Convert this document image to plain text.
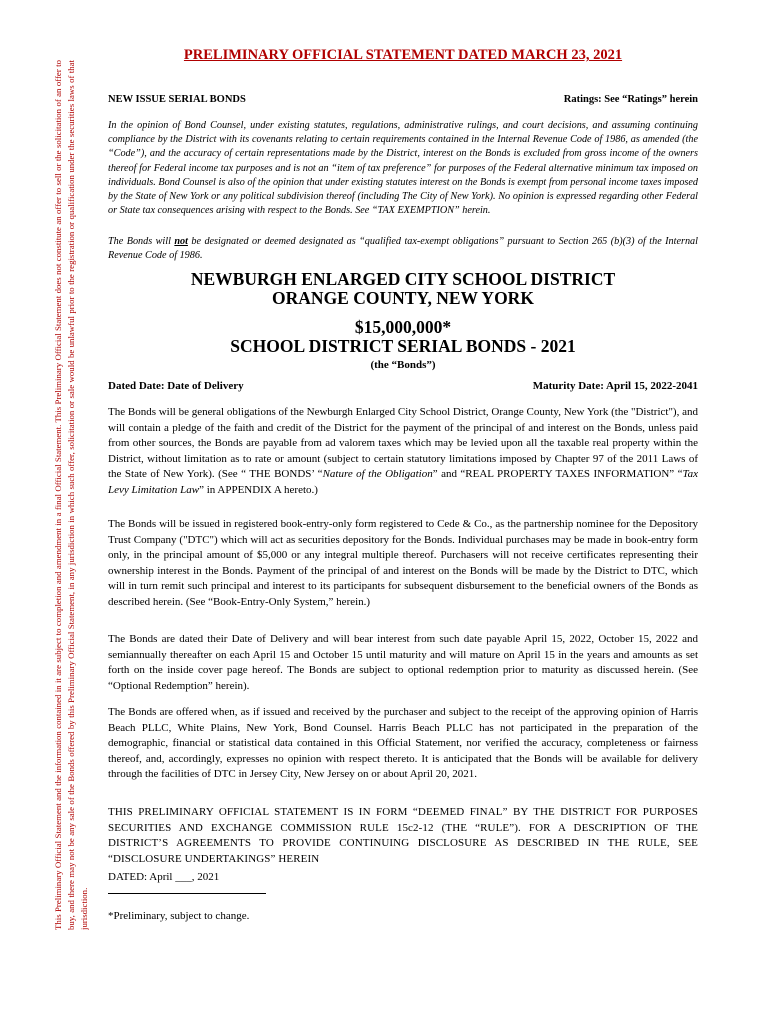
This Preliminary Official Statement and the information contained in it are subject to completion and amendment in a final Official Statement. This Preliminary Official Statement does not constitute an offer to sell or the solicitation of an offer to buy, and there may not be any sale of the Bonds offered by this Preliminary Official Statement, in any jurisdiction in which such offer, solicitation or sale would be unlawful prior to the registration or qualification under the securities laws of that jurisdiction.
PRELIMINARY OFFICIAL STATEMENT DATED MARCH 23, 2021
NEW ISSUE SERIAL BONDS	Ratings: See “Ratings” herein

In the opinion of Bond Counsel, under existing statutes, regulations, administrative rulings, and court decisions, and assuming continuing compliance by the District with its covenants relating to certain requirements contained in the Internal Revenue Code of 1986, as amended (the “Code”), and the accuracy of certain representations made by the District, interest on the Bonds is excluded from gross income of the owners thereof for Federal income tax purposes and is not an “item of tax preference” for purposes of the Federal alternative minimum tax imposed on individuals. Bond Counsel is also of the opinion that under existing statutes interest on the Bonds is exempt from personal income taxes imposed by the State of New York or any political subdivision thereof (including The City of New York). No opinion is expressed regarding other Federal or State tax consequences arising with respect to the Bonds. See “TAX EXEMPTION” herein.

The Bonds will not be designated or deemed designated as “qualified tax-exempt obligations” pursuant to Section 265 (b)(3) of the Internal Revenue Code of 1986.

NEWBURGH ENLARGED CITY SCHOOL DISTRICT

ORANGE COUNTY, NEW YORK

$15,000,000*

SCHOOL DISTRICT SERIAL BONDS - 2021

(the “Bonds”)

Dated Date: Date of Delivery	Maturity Date: April 15, 2022-2041

The Bonds will be general obligations of the Newburgh Enlarged City School District, Orange County, New York (the "District"), and will contain a pledge of the faith and credit of the District for the payment of the principal of and interest on the Bonds, unless paid from other sources, the Bonds are payable from ad valorem taxes which may be levied upon all the taxable real property within the District, without limitation as to rate or amount (subject to certain statutory limitations imposed by Chapter 97 of the 2011 Laws of the State of New York). (See “ THE BONDS’ “Nature of the Obligation” and “REAL PROPERTY TAXES INFORMATION” “Tax Levy Limitation Law” in APPENDIX A hereto.)

The Bonds will be issued in registered book-entry-only form registered to Cede & Co., as the partnership nominee for the Depository Trust Company ("DTC") which will act as securities depository for the Bonds. Individual purchases may be made in book-entry form only, in the principal amount of $5,000 or any integral multiple thereof. Purchasers will not receive certificates representing their ownership interest in the Bonds. Payment of the principal of and interest on the Bonds will be made by the District to DTC, which will in turn remit such principal and interest to its participants for subsequent disbursement to the beneficial owners of the Bonds as described herein. (See “Book-Entry-Only System,” herein.)

The Bonds are dated their Date of Delivery and will bear interest from such date payable April 15, 2022, October 15, 2022 and semiannually thereafter on each April 15 and October 15 until maturity and will mature on April 15 in the years and amounts as set forth on the inside cover page hereof. The Bonds are subject to optional redemption prior to maturity as discussed herein. (See “Optional Redemption” herein).

The Bonds are offered when, as if issued and received by the purchaser and subject to the receipt of the approving opinion of Harris Beach PLLC, White Plains, New York, Bond Counsel. Harris Beach PLLC has not participated in the preparation of the demographic, financial or statistical data contained in this Official Statement, nor verified the accuracy, completeness or fairness thereof, and, accordingly, expresses no opinion with respect thereto. It is anticipated that the Bonds will be available for delivery through the facilities of DTC in Jersey City, New Jersey on or about April 20, 2021.

THIS PRELIMINARY OFFICIAL STATEMENT IS IN FORM “DEEMED FINAL” BY THE DISTRICT FOR PURPOSES SECURITIES AND EXCHANGE COMMISSION RULE 15c2-12 (THE “RULE”). FOR A DESCRIPTION OF THE DISTRICT’S AGREEMENTS TO PROVIDE CONTINUING DISCLOSURE AS DESCRIBED IN THE RULE, SEE “DISCLOSURE UNDERTAKINGS” HEREIN

DATED: April ___, 2021
*Preliminary, subject to change.
